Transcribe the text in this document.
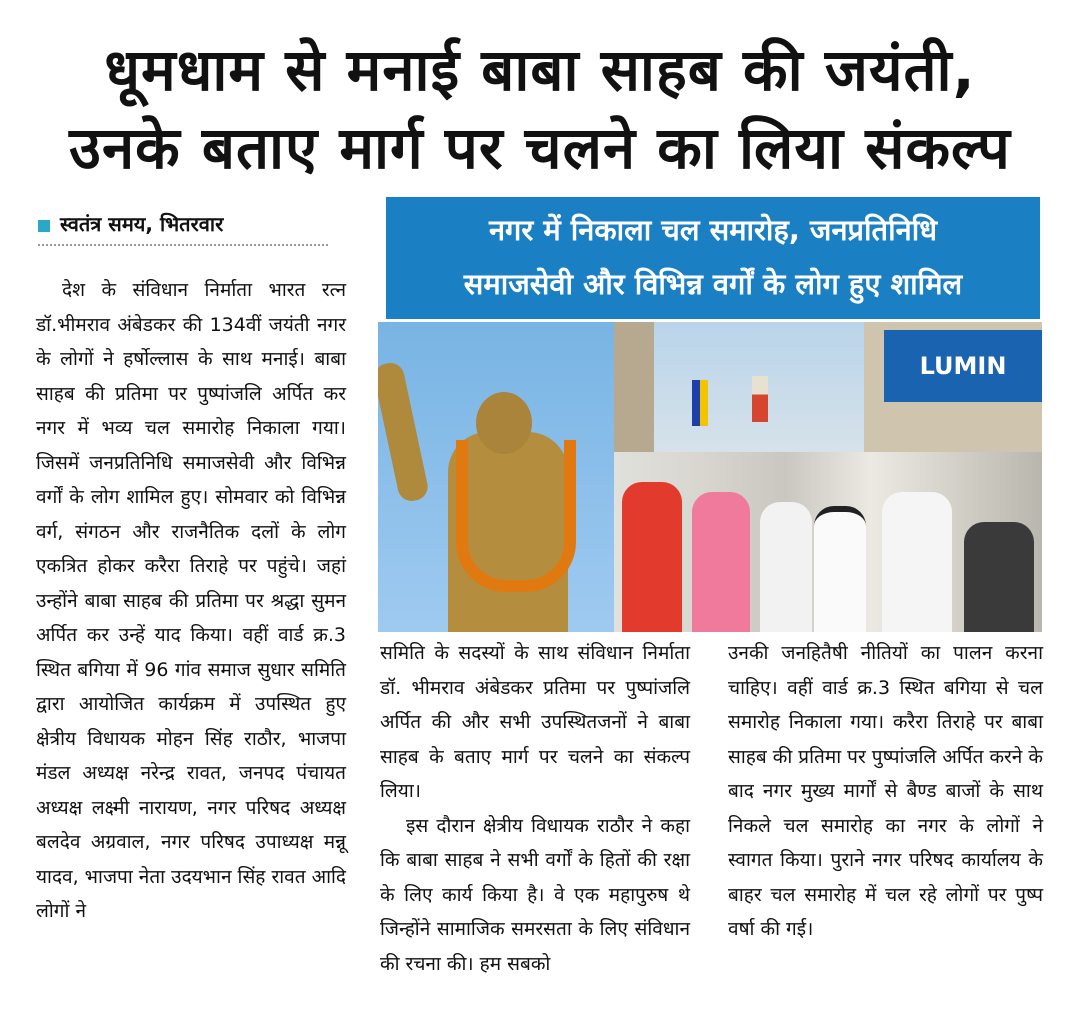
धूमधाम से मनाई बाबा साहब की जयंती,
उनके बताए मार्ग पर चलने का लिया संकल्प
स्वतंत्र समय, भितरवार	नगर में निकाला चल समारोह, जनप्रतिनिधि
समाजसेवी और विभिन्न वर्गों के लोग हुए शामिल
LUMIN

देश के संविधान निर्माता भारत रत्न डॉ.भीमराव अंबेडकर की 134वीं जयंती नगर के लोगों ने हर्षोल्लास के साथ मनाई। बाबा साहब की प्रतिमा पर पुष्पांजलि अर्पित कर नगर में भव्य चल समारोह निकाला गया। जिसमें जनप्रतिनिधि समाजसेवी और विभिन्न वर्गों के लोग शामिल हुए। सोमवार को विभिन्न वर्ग, संगठन और राजनैतिक दलों के लोग एकत्रित होकर करैरा तिराहे पर पहुंचे। जहां उन्होंने बाबा साहब की प्रतिमा पर श्रद्धा सुमन अर्पित कर उन्हें याद किया। वहीं वार्ड क्र.3 स्थित बगिया में 96 गांव समाज सुधार समिति द्वारा आयोजित कार्यक्रम में उपस्थित हुए क्षेत्रीय विधायक मोहन सिंह राठौर, भाजपा मंडल अध्यक्ष नरेन्द्र रावत, जनपद पंचायत अध्यक्ष लक्ष्मी नारायण, नगर परिषद अध्यक्ष बलदेव अग्रवाल, नगर परिषद उपाध्यक्ष मन्नू यादव, भाजपा नेता उदयभान सिंह रावत आदि लोगों ने

समिति के सदस्यों के साथ संविधान निर्माता डॉ. भीमराव अंबेडकर प्रतिमा पर पुष्पांजलि अर्पित की और सभी उपस्थितजनों ने बाबा साहब के बताए मार्ग पर चलने का संकल्प लिया।

इस दौरान क्षेत्रीय विधायक राठौर ने कहा कि बाबा साहब ने सभी वर्गों के हितों की रक्षा के लिए कार्य किया है। वे एक महापुरुष थे जिन्होंने सामाजिक समरसता के लिए संविधान की रचना की। हम सबको

उनकी जनहितैषी नीतियों का पालन करना चाहिए। वहीं वार्ड क्र.3 स्थित बगिया से चल समारोह निकाला गया। करैरा तिराहे पर बाबा साहब की प्रतिमा पर पुष्पांजलि अर्पित करने के बाद नगर मुख्य मार्गों से बैण्ड बाजों के साथ निकले चल समारोह का नगर के लोगों ने स्वागत किया। पुराने नगर परिषद कार्यालय के बाहर चल समारोह में चल रहे लोगों पर पुष्प वर्षा की गई।
